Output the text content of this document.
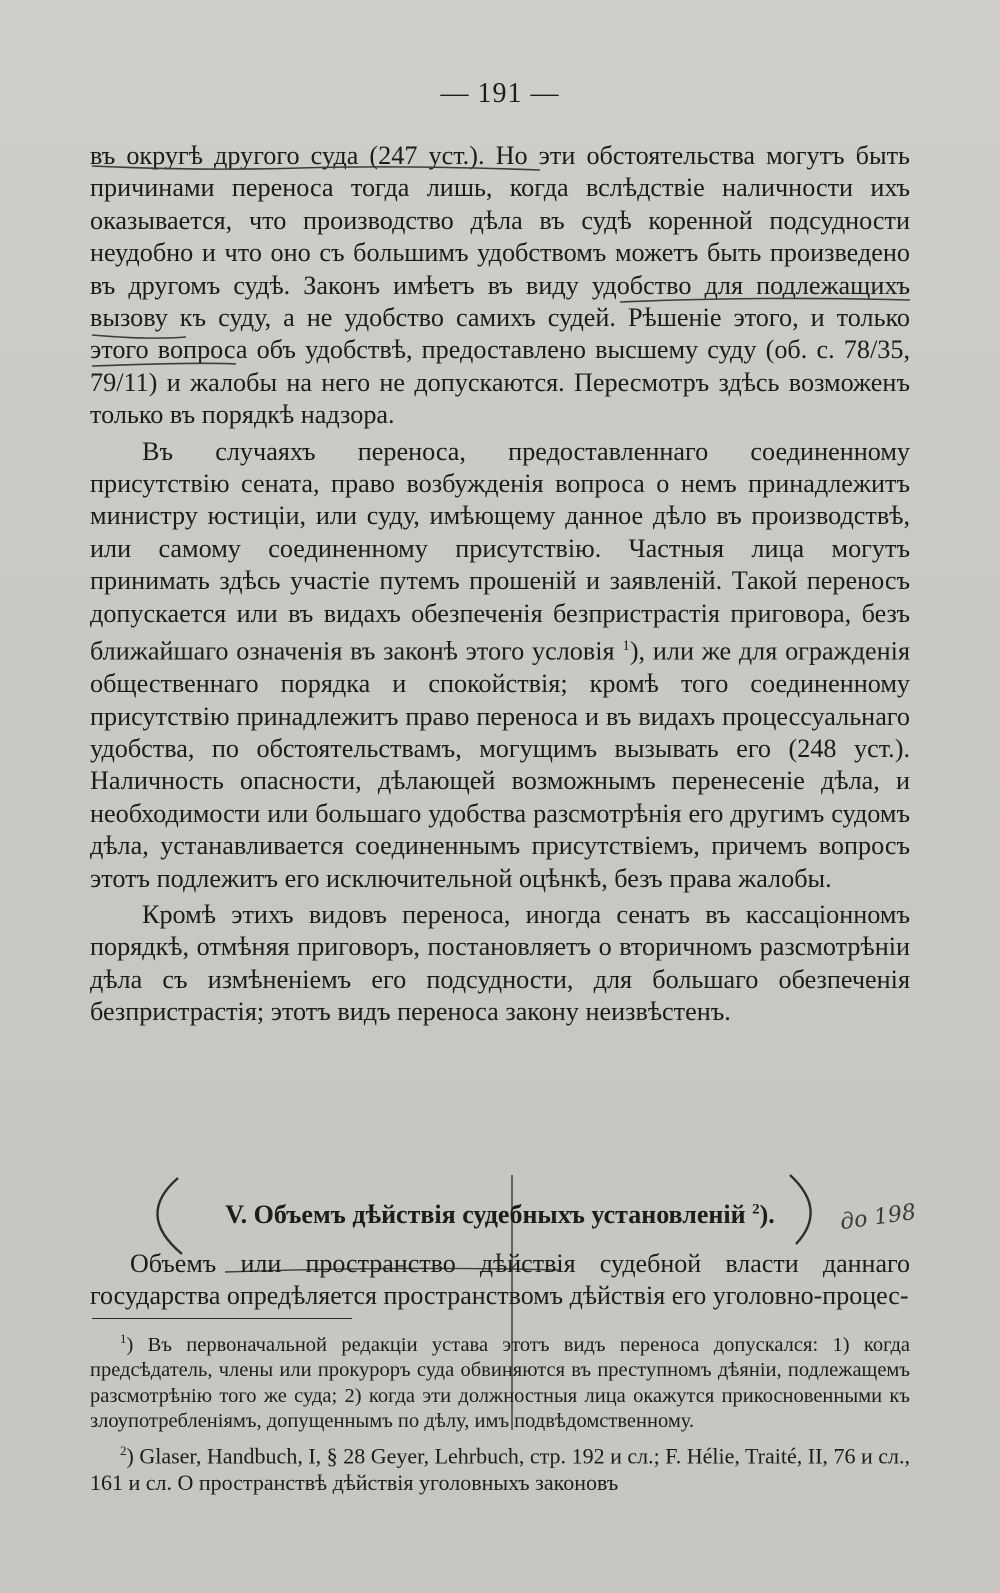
— 191 —

въ округѣ другого суда (247 уст.). Но эти обстоятельства могутъ быть причинами переноса тогда лишь, когда вслѣдствіе наличности ихъ оказывается, что производство дѣла въ судѣ коренной подсудности неудобно и что оно съ большимъ удобствомъ можетъ быть произведено въ другомъ судѣ. Законъ имѣетъ въ виду удобство для подлежащихъ вызову къ суду, а не удобство самихъ судей. Рѣшеніе этого, и только этого вопроса объ удобствѣ, предоставлено высшему суду (об. с. 78/35, 79/11) и жалобы на него не допускаются. Пересмотръ здѣсь возможенъ только въ порядкѣ надзора.

Въ случаяхъ переноса, предоставленнаго соединенному присутствію сената, право возбужденія вопроса о немъ принадлежитъ министру юстиціи, или суду, имѣющему данное дѣло въ производствѣ, или самому соединенному присутствію. Частныя лица могутъ принимать здѣсь участіе путемъ прошеній и заявленій. Такой переносъ допускается или въ видахъ обезпеченія безпристрастія приговора, безъ ближайшаго означенія въ законѣ этого условія $^1$), или же для огражденія общественнаго порядка и спокойствія; кромѣ того соединенному присутствію принадлежитъ право переноса и въ видахъ процессуальнаго удобства, по обстоятельствамъ, могущимъ вызывать его (248 уст.). Наличность опасности, дѣлающей возможнымъ перенесеніе дѣла, и необходимости или большаго удобства разсмотрѣнія его другимъ судомъ дѣла, устанавливается соединеннымъ присутствіемъ, причемъ вопросъ этотъ подлежитъ его исключительной оцѣнкѣ, безъ права жалобы.

Кромѣ этихъ видовъ переноса, иногда сенатъ въ кассаціонномъ порядкѣ, отмѣняя приговоръ, постановляетъ о вторичномъ разсмотрѣніи дѣла съ измѣненіемъ его подсудности, для большаго обезпеченія безпристрастія; этотъ видъ переноса закону неизвѣстенъ.

V. Объемъ дѣйствія судебныхъ установленій $^2$).	до 198

Объемъ или пространство дѣйствія судебной власти даннаго государства опредѣляется пространствомъ дѣйствія его уголовно-процес-

$^1$) Въ первоначальной редакціи устава этотъ видъ переноса допускался: 1) когда предсѣдатель, члены или прокуроръ суда обвиняются въ преступномъ дѣяніи, подлежащемъ разсмотрѣнію того же суда; 2) когда эти должностныя лица окажутся прикосновенными къ злоупотребленіямъ, допущеннымъ по дѣлу, имъ подвѣдомственному.

$^2$) Glaser, Handbuch, I, § 28 Geyer, Lehrbuch, стр. 192 и сл.; F. Hélie, Traité, II, 76 и сл., 161 и сл. О пространствѣ дѣйствія уголовныхъ законовъ
